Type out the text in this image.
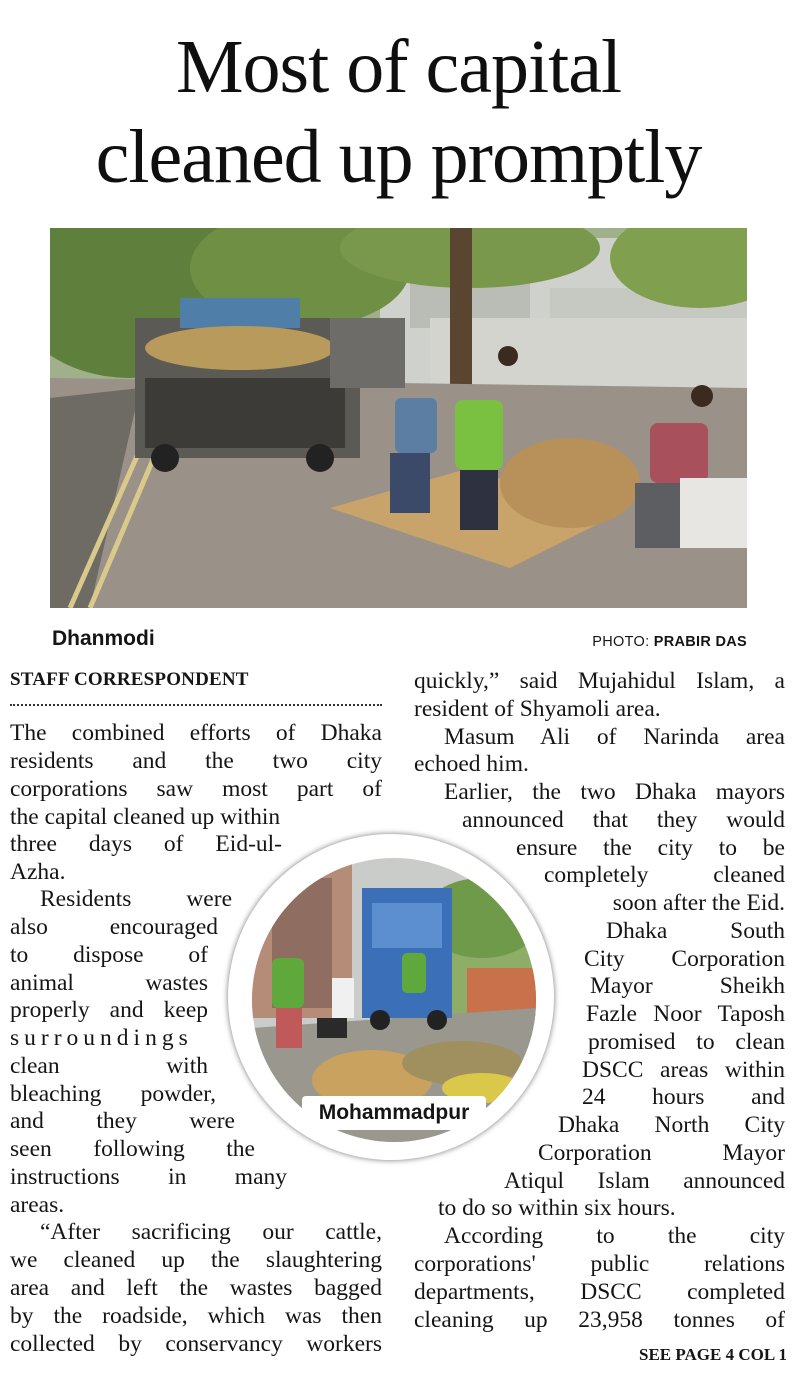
Most of capital
cleaned up promptly
Dhanmodi	PHOTO: PRABIR DAS
STAFF CORRESPONDENT
The combined efforts of Dhaka
residents and the two city
corporations saw most part of
the capital cleaned up within
three days of Eid-ul-
Azha.
Residents were
also encouraged
to dispose of
animal wastes
properly and keep
surroundings
clean with
bleaching powder,
and they were
seen following the
instructions in many
areas.
“After sacrificing our cattle,
we cleaned up the slaughtering
area and left the wastes bagged
by the roadside, which was then
collected by conservancy workers
quickly,” said Mujahidul Islam, a
resident of Shyamoli area.
Masum Ali of Narinda area
echoed him.
Earlier, the two Dhaka mayors
announced that they would
ensure the city to be
completely cleaned
soon after the Eid.
Dhaka South
City Corporation
Mayor Sheikh
Fazle Noor Taposh
promised to clean
DSCC areas within
24 hours and
Dhaka North City
Corporation Mayor
Atiqul Islam announced
to do so within six hours.
According to the city
corporations' public relations
departments, DSCC completed
cleaning up 23,958 tonnes of
Mohammadpur
SEE PAGE 4 COL 1
